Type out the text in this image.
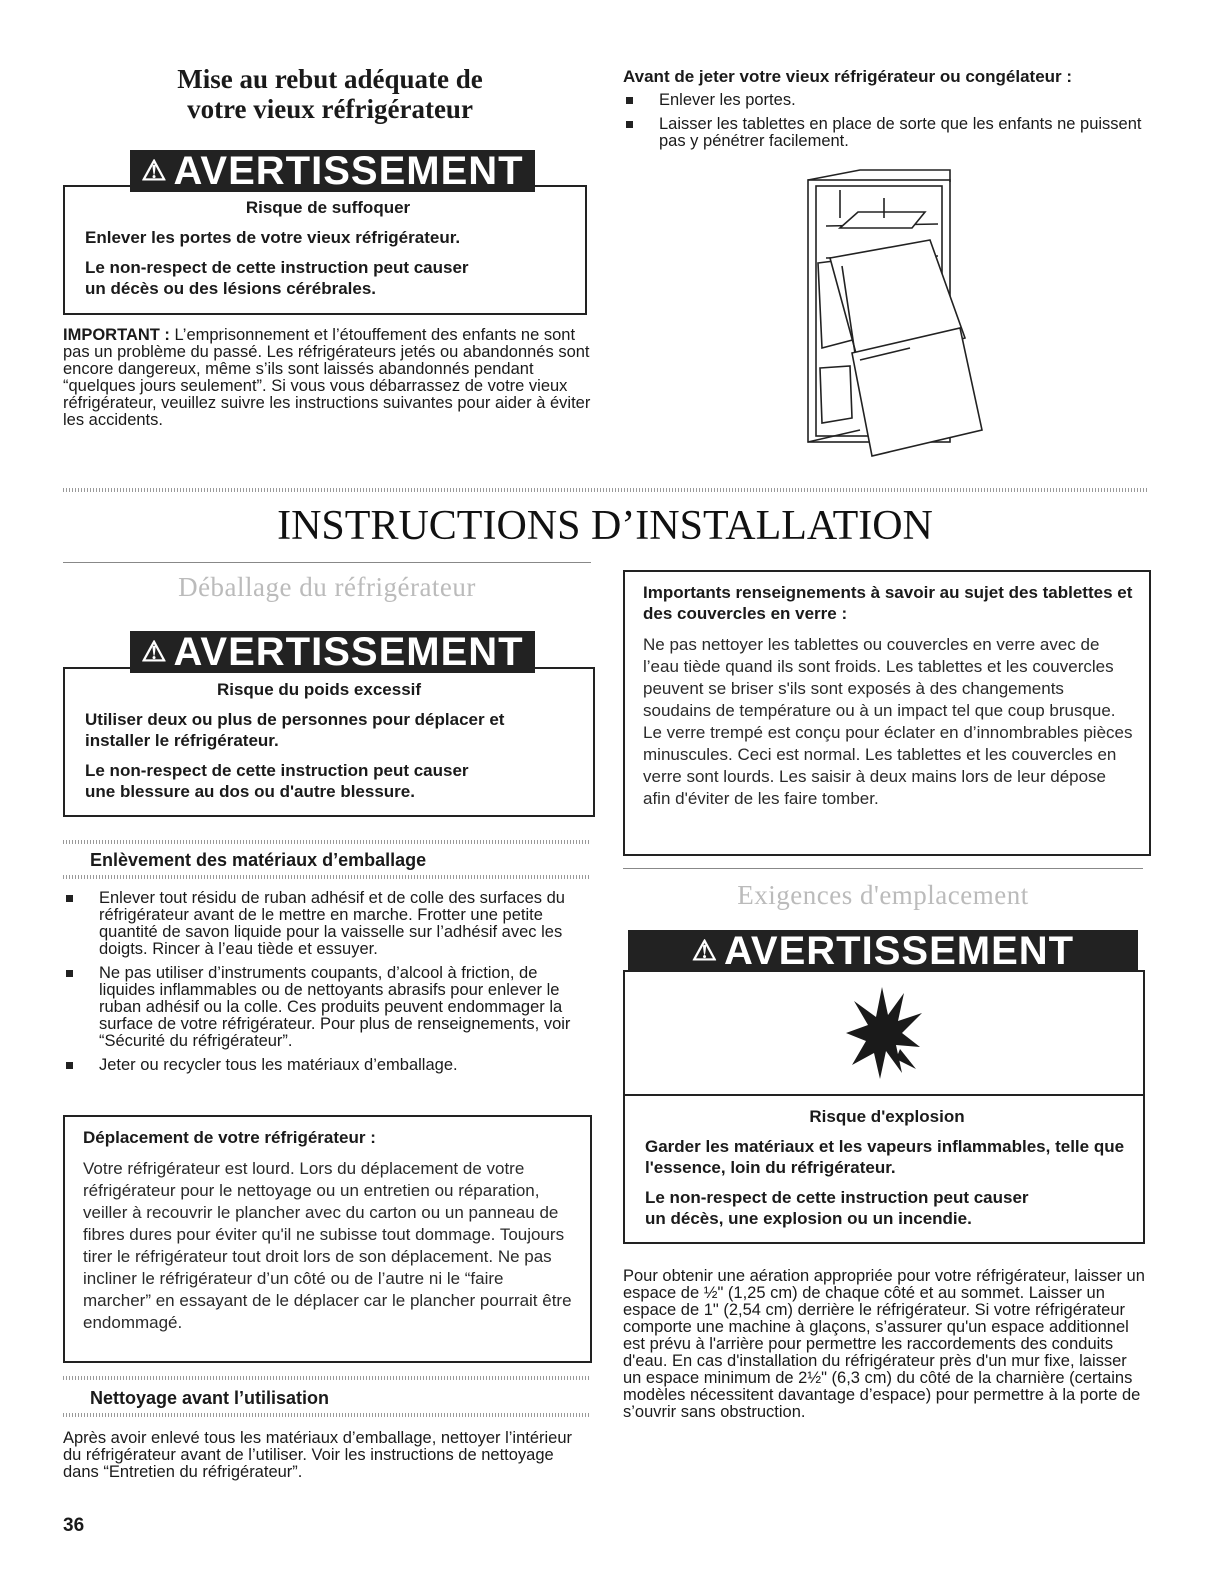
Mise au rebut adéquate de
votre vieux réfrigérateur
⚠ AVERTISSEMENT

Risque de suffoquer

Enlever les portes de votre vieux réfrigérateur.

Le non-respect de cette instruction peut causer
un décès ou des lésions cérébrales.

IMPORTANT : L’emprisonnement et l’étouffement des enfants ne sont pas un problème du passé. Les réfrigérateurs jetés ou abandonnés sont encore dangereux, même s’ils sont laissés abandonnés pendant “quelques jours seulement”. Si vous vous débarrassez de votre vieux réfrigérateur, veuillez suivre les instructions suivantes pour aider à éviter les accidents.
Avant de jeter votre vieux réfrigérateur ou congélateur :
Enlever les portes.
Laisser les tablettes en place de sorte que les enfants ne puissent pas y pénétrer facilement.
INSTRUCTIONS D’INSTALLATION
Déballage du réfrigérateur
⚠ AVERTISSEMENT

Risque du poids excessif

Utiliser deux ou plus de personnes pour déplacer et installer le réfrigérateur.

Le non-respect de cette instruction peut causer
une blessure au dos ou d'autre blessure.

Enlèvement des matériaux d’emballage
Enlever tout résidu de ruban adhésif et de colle des surfaces du réfrigérateur avant de le mettre en marche. Frotter une petite quantité de savon liquide pour la vaisselle sur l’adhésif avec les doigts. Rincer à l’eau tiède et essuyer.
Ne pas utiliser d’instruments coupants, d’alcool à friction, de liquides inflammables ou de nettoyants abrasifs pour enlever le ruban adhésif ou la colle. Ces produits peuvent endommager la surface de votre réfrigérateur. Pour plus de renseignements, voir “Sécurité du réfrigérateur”.
Jeter ou recycler tous les matériaux d’emballage.
Déplacement de votre réfrigérateur :
Votre réfrigérateur est lourd. Lors du déplacement de votre réfrigérateur pour le nettoyage ou un entretien ou réparation, veiller à recouvrir le plancher avec du carton ou un panneau de fibres dures pour éviter qu'il ne subisse tout dommage. Toujours tirer le réfrigérateur tout droit lors de son déplacement. Ne pas incliner le réfrigérateur d’un côté ou de l’autre ni le “faire marcher” en essayant de le déplacer car le plancher pourrait être endommagé.
Nettoyage avant l’utilisation
Après avoir enlevé tous les matériaux d’emballage, nettoyer l’intérieur du réfrigérateur avant de l’utiliser. Voir les instructions de nettoyage dans “Entretien du réfrigérateur”.
36
Importants renseignements à savoir au sujet des tablettes et des couvercles en verre :
Ne pas nettoyer les tablettes ou couvercles en verre avec de l’eau tiède quand ils sont froids. Les tablettes et les couvercles peuvent se briser s'ils sont exposés à des changements soudains de température ou à un impact tel que coup brusque. Le verre trempé est conçu pour éclater en d’innombrables pièces minuscules. Ceci est normal. Les tablettes et les couvercles en verre sont lourds. Les saisir à deux mains lors de leur dépose afin d'éviter de les faire tomber.
Exigences d'emplacement
⚠ AVERTISSEMENT

Risque d'explosion

Garder les matériaux et les vapeurs inflammables, telle que l'essence, loin du réfrigérateur.

Le non-respect de cette instruction peut causer
un décès, une explosion ou un incendie.

Pour obtenir une aération appropriée pour votre réfrigérateur, laisser un espace de ½" (1,25 cm) de chaque côté et au sommet. Laisser un espace de 1" (2,54 cm) derrière le réfrigérateur. Si votre réfrigérateur comporte une machine à glaçons, s’assurer qu'un espace additionnel est prévu à l'arrière pour permettre les raccordements des conduits d'eau. En cas d'installation du réfrigérateur près d'un mur fixe, laisser un espace minimum de 2½" (6,3 cm) du côté de la charnière (certains modèles nécessitent davantage d’espace) pour permettre à la porte de s’ouvrir sans obstruction.
